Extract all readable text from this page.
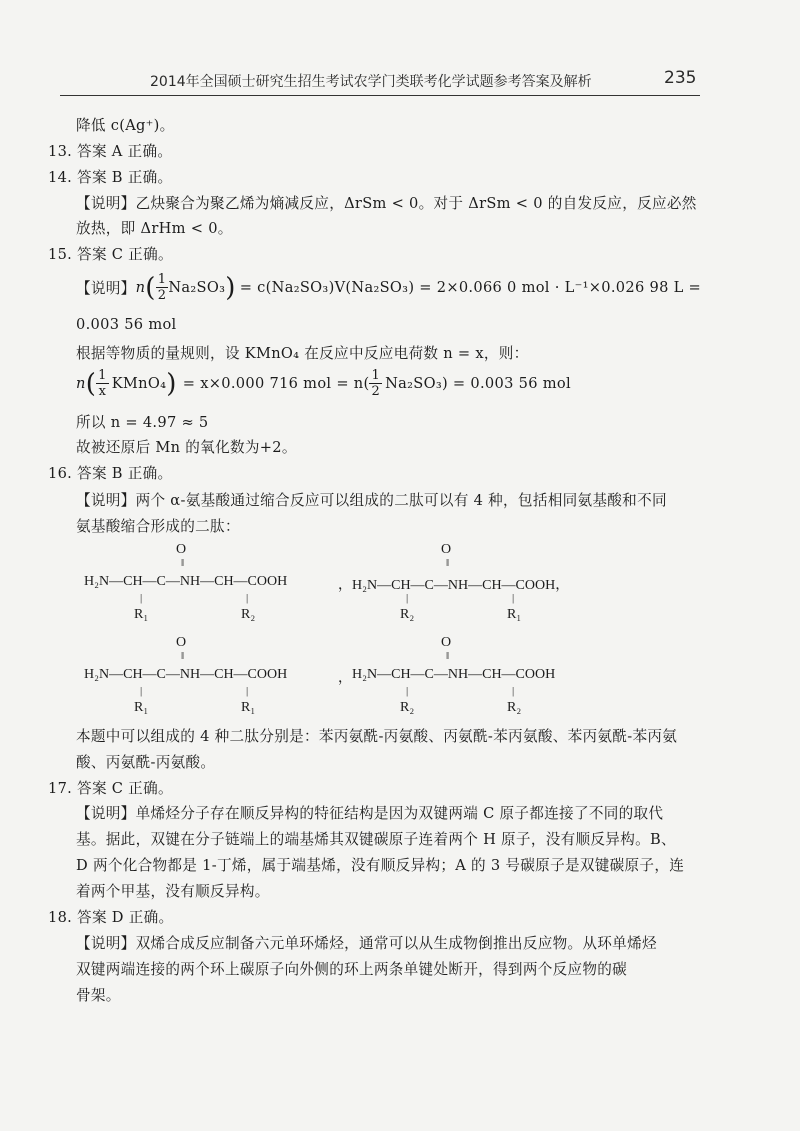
2014年全国硕士研究生招生考试农学门类联考化学试题参考答案及解析	235
降低 c(Ag⁺)。
13. 答案 A 正确。
14. 答案 B 正确。
【说明】乙炔聚合为聚乙烯为熵减反应，ΔrSm < 0。对于 ΔrSm < 0 的自发反应，反应必然
放热，即 ΔrHm < 0。
15. 答案 C 正确。
【说明】 n ( $\frac{1}{2} Na_2SO_3$ ) = c(Na₂SO₃)V(Na₂SO₃) = 2×0.066 0 mol · L⁻¹×0.026 98 L =
0.003 56 mol
根据等物质的量规则，设 KMnO₄ 在反应中反应电荷数 n = x，则：
n ( $\frac{1}{x}$ KMnO₄ ) = x×0.000 716 mol = $n( \frac{1}{2} Na_2SO_3$ ) = 0.003 56 mol
所以 n = 4.97 ≈ 5
故被还原后 Mn 的氧化数为+2。
16. 答案 B 正确。
【说明】两个 α-氨基酸通过缩合反应可以组成的二肽可以有 4 种，包括相同氨基酸和不同
氨基酸缩合形成的二肽：
O
‖
O
‖
H₂N—CH—C—NH—CH—COOH	，H₂N—CH—C—NH—CH—COOH，
|	|	|	|
R₁	R₂	R₂	R₁
O
‖
O
‖
H₂N—CH—C—NH—CH—COOH	， H₂N—CH—C—NH—CH—COOH
|	|	|	|
R₁	R₁	R₂	R₂
本题中可以组成的 4 种二肽分别是：苯丙氨酰-丙氨酸、丙氨酰-苯丙氨酸、苯丙氨酰-苯丙氨
酸、丙氨酰-丙氨酸。
17. 答案 C 正确。
【说明】单烯烃分子存在顺反异构的特征结构是因为双键两端 C 原子都连接了不同的取代
基。据此，双键在分子链端上的端基烯其双键碳原子连着两个 H 原子，没有顺反异构。B、
D 两个化合物都是 1-丁烯，属于端基烯，没有顺反异构；A 的 3 号碳原子是双键碳原子，连
着两个甲基，没有顺反异构。
18. 答案 D 正确。
【说明】双烯合成反应制备六元单环烯烃，通常可以从生成物倒推出反应物。从环单烯烃
双键两端连接的两个环上碳原子向外侧的环上两条单键处断开，得到两个反应物的碳
骨架。
